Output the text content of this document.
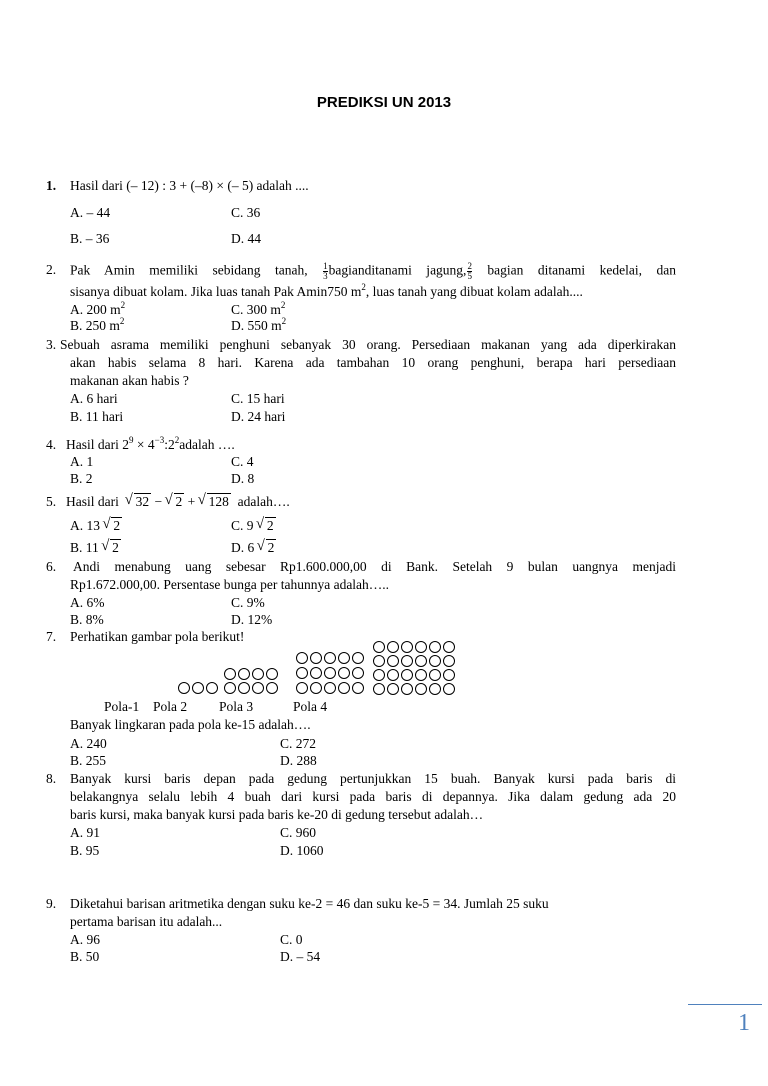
PREDIKSI UN 2013
1. Hasil dari (– 12) : 3 + (–8) × (– 5) adalah ....
A. – 44	C. 36
B. – 36	D. 44
2. Pak Amin memiliki sebidang tanah, $\frac{1}{3}$ bagianditanami jagung, $\frac{2}{5}$ bagian ditanami kedelai, dan
sisanya dibuat kolam. Jika luas tanah Pak Amin750 $m^2$, luas tanah yang dibuat kolam adalah....
A. 200 $m^2$	C. 300 $m^2$
B. 250 $m^2$	D. 550 $m^2$
3. Sebuah asrama memiliki penghuni sebanyak 30 orang. Persediaan makanan yang ada diperkirakan
akan habis selama 8 hari. Karena ada tambahan 10 orang penghuni, berapa hari persediaan
makanan akan habis ?
A. 6 hari	C. 15 hari
B. 11 hari	D. 24 hari
4. Hasil dari $2^9$ × $4^{-3}:2^2adalah$ ….
A. 1	C. 4
B. 2	D. 8
5. Hasil dari √ 32 − √ 2 + √ 128 adalah….
A. 13 √ 2	C. 9 √ 2
B. 11 √ 2	D. 6 √ 2
6. Andi menabung uang sebesar Rp1.600.000,00 di Bank. Setelah 9 bulan uangnya menjadi
Rp1.672.000,00. Persentase bunga per tahunnya adalah…..
A. 6%	C. 9%
B. 8%	D. 12%
7. Perhatikan gambar pola berikut!
Pola-1 Pola 2 Pola 3	Pola 4
Banyak lingkaran pada pola ke-15 adalah….
A. 240	C. 272
B. 255	D. 288
8. Banyak kursi baris depan pada gedung pertunjukkan 15 buah. Banyak kursi pada baris di
belakangnya selalu lebih 4 buah dari kursi pada baris di depannya. Jika dalam gedung ada 20
baris kursi, maka banyak kursi pada baris ke-20 di gedung tersebut adalah…
A. 91	C. 960
B. 95	D. 1060
9. Diketahui barisan aritmetika dengan suku ke-2 = 46 dan suku ke-5 = 34. Jumlah 25 suku
pertama barisan itu adalah...
A. 96	C. 0
B. 50	D. – 54
1
